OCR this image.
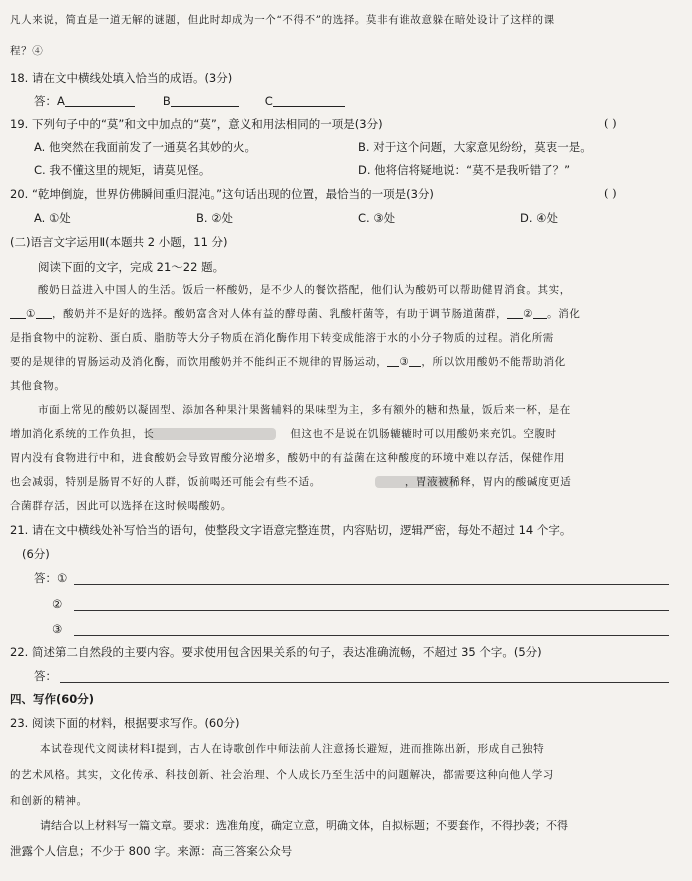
凡人来说，简直是一道无解的谜题，但此时却成为一个“不得不”的选择。莫非有谁故意躲在暗处设计了这样的课
程？④
18. 请在文中横线处填入恰当的成语。(3分)
答：A	B	C
19. 下列句子中的“莫”和文中加点的“莫”，意义和用法相同的一项是(3分)	( )
A. 他突然在我面前发了一通莫名其妙的火。	B. 对于这个问题，大家意见纷纷，莫衷一是。
C. 我不懂这里的规矩，请莫见怪。	D. 他将信将疑地说：“莫不是我听错了？”
20. “乾坤倒旋，世界仿佛瞬间重归混沌。”这句话出现的位置，最恰当的一项是(3分)	( )
A. ①处	B. ②处	C. ③处	D. ④处
(二)语言文字运用Ⅱ(本题共 2 小题，11 分)
阅读下面的文字，完成 21～22 题。
酸奶日益进入中国人的生活。饭后一杯酸奶，是不少人的餐饮搭配，他们认为酸奶可以帮助健胃消食。其实，
① ，酸奶并不是好的选择。酸奶富含对人体有益的酵母菌、乳酸杆菌等，有助于调节肠道菌群， ② 。消化
是指食物中的淀粉、蛋白质、脂肪等大分子物质在消化酶作用下转变成能溶于水的小分子物质的过程。消化所需
要的是规律的胃肠运动及消化酶，而饮用酸奶并不能纠正不规律的胃肠运动， ③ ，所以饮用酸奶不能帮助消化
其他食物。
市面上常见的酸奶以凝固型、添加各种果汁果酱辅料的果味型为主，多有额外的糖和热量，饭后来一杯，是在
增加消化系统的工作负担，长	但这也不是说在饥肠辘辘时可以用酸奶来充饥。空腹时
胃内没有食物进行中和，进食酸奶会导致胃酸分泌增多，酸奶中的有益菌在这种酸度的环境中难以存活，保健作用
也会减弱，特别是肠胃不好的人群，饭前喝还可能会有些不适。	，胃液被稀释，胃内的酸碱度更适
合菌群存活，因此可以选择在这时候喝酸奶。
21. 请在文中横线处补写恰当的语句，使整段文字语意完整连贯，内容贴切，逻辑严密，每处不超过 14 个字。
(6分)
答：①
②
③
22. 简述第二自然段的主要内容。要求使用包含因果关系的句子，表达准确流畅，不超过 35 个字。(5分)
答：
四、写作(60分)
23. 阅读下面的材料，根据要求写作。(60分)
本试卷现代文阅读材料Ⅰ提到，古人在诗歌创作中师法前人注意扬长避短，进而推陈出新，形成自己独特
的艺术风格。其实，文化传承、科技创新、社会治理、个人成长乃至生活中的问题解决，都需要这种向他人学习
和创新的精神。
请结合以上材料写一篇文章。要求：选准角度，确定立意，明确文体，自拟标题；不要套作，不得抄袭；不得
泄露个人信息；不少于 800 字。来源：高三答案公众号
